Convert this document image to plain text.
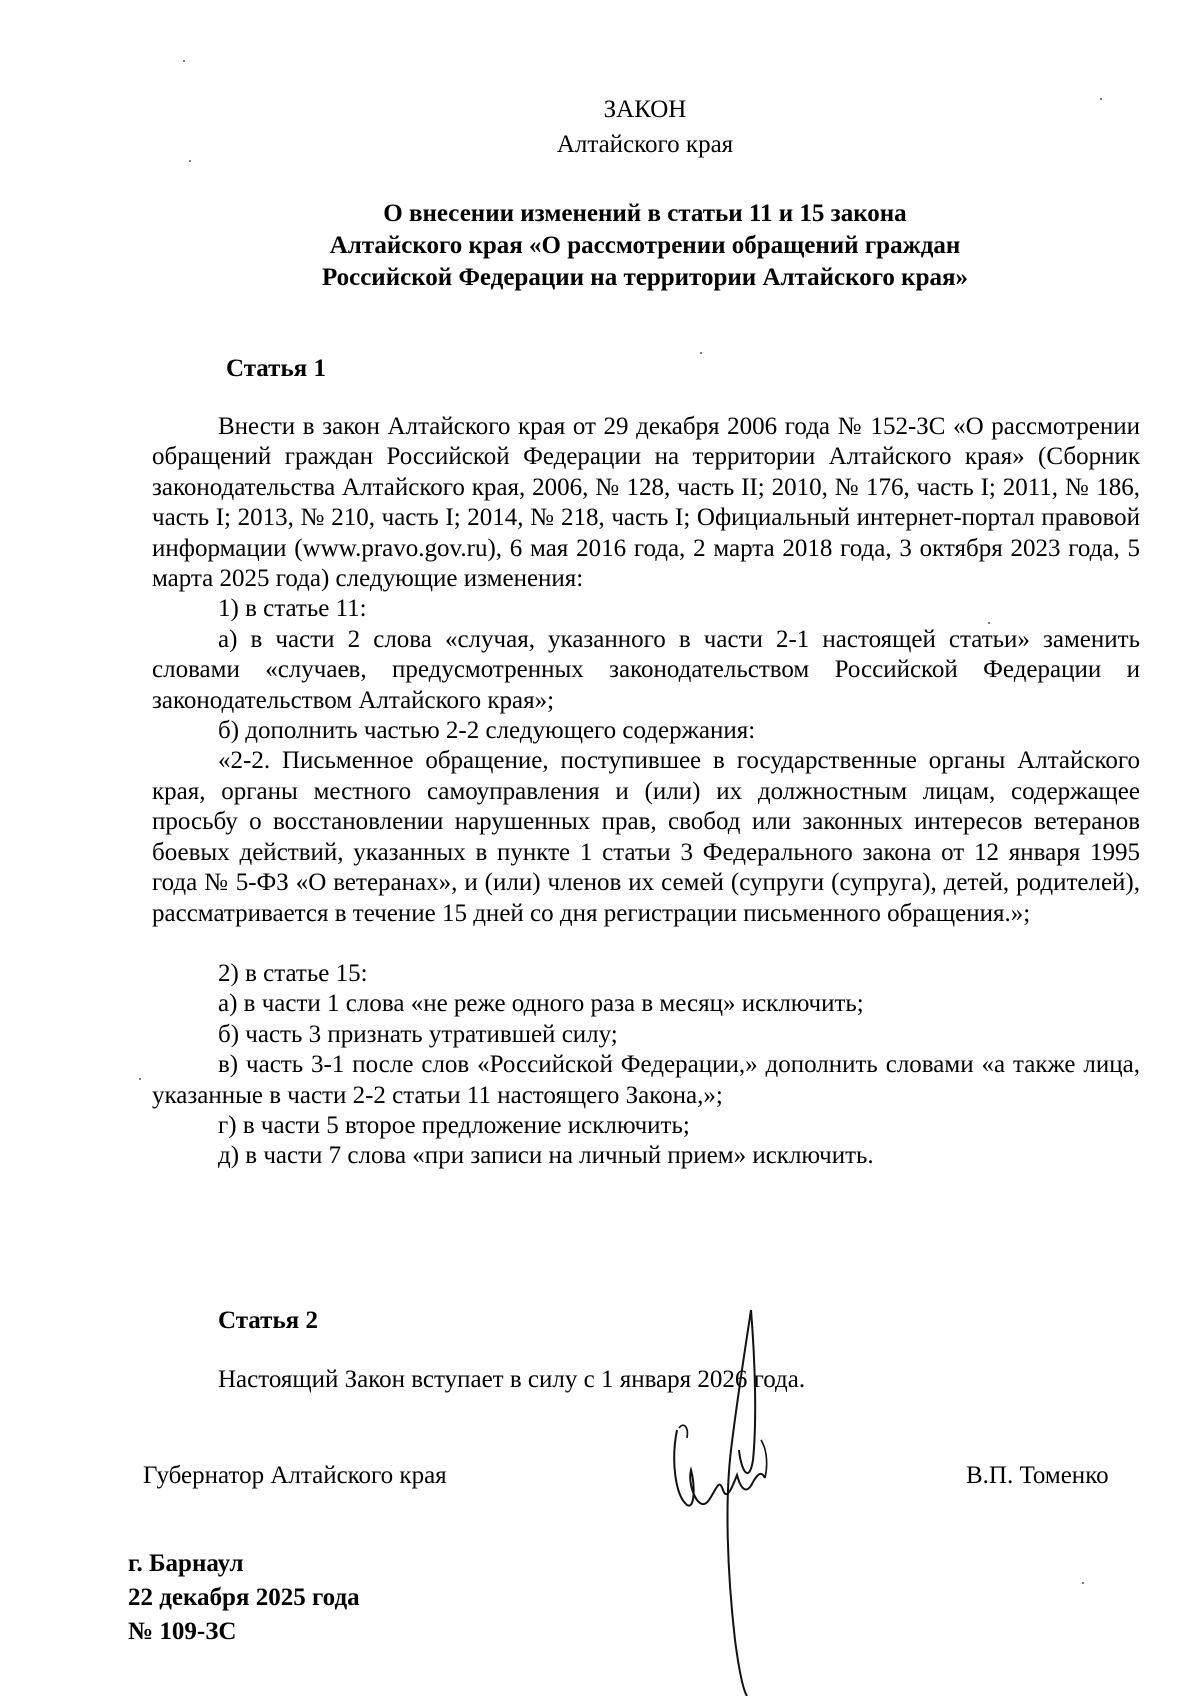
ЗАКОН
Алтайского края
О внесении изменений в статьи 11 и 15 закона
Алтайского края «О рассмотрении обращений граждан
Российской Федерации на территории Алтайского края»
Статья 1

Внести в закон Алтайского края от 29 декабря 2006 года № 152-ЗС «О рассмотрении обращений граждан Российской Федерации на территории Алтайского края» (Сборник законодательства Алтайского края, 2006, № 128, часть II; 2010, № 176, часть I; 2011, № 186, часть I; 2013, № 210, часть I; 2014, № 218, часть I; Официальный интернет-портал правовой информации (www.pravo.gov.ru), 6 мая 2016 года, 2 марта 2018 года, 3 октября 2023 года, 5 марта 2025 года) следующие изменения:

1) в статье 11:

а) в части 2 слова «случая, указанного в части 2-1 настоящей статьи» заменить словами «случаев, предусмотренных законодательством Российской Федерации и законодательством Алтайского края»;

б) дополнить частью 2-2 следующего содержания:

«2-2. Письменное обращение, поступившее в государственные органы Алтайского края, органы местного самоуправления и (или) их должностным лицам, содержащее просьбу о восстановлении нарушенных прав, свобод или законных интересов ветеранов боевых действий, указанных в пункте 1 статьи 3 Федерального закона от 12 января 1995 года № 5-ФЗ «О ветеранах», и (или) членов их семей (супруги (супруга), детей, родителей), рассматривается в течение 15 дней со дня регистрации письменного обращения.»;

2) в статье 15:

а) в части 1 слова «не реже одного раза в месяц» исключить;

б) часть 3 признать утратившей силу;

в) часть 3-1 после слов «Российской Федерации,» дополнить словами «а также лица, указанные в части 2-2 статьи 11 настоящего Закона,»;

г) в части 5 второе предложение исключить;

д) в части 7 слова «при записи на личный прием» исключить.

Статья 2

Настоящий Закон вступает в силу с 1 января 2026 года.

Губернатор Алтайского края	В.П. Томенко
г. Барнаул
22 декабря 2025 года
№ 109-ЗС
